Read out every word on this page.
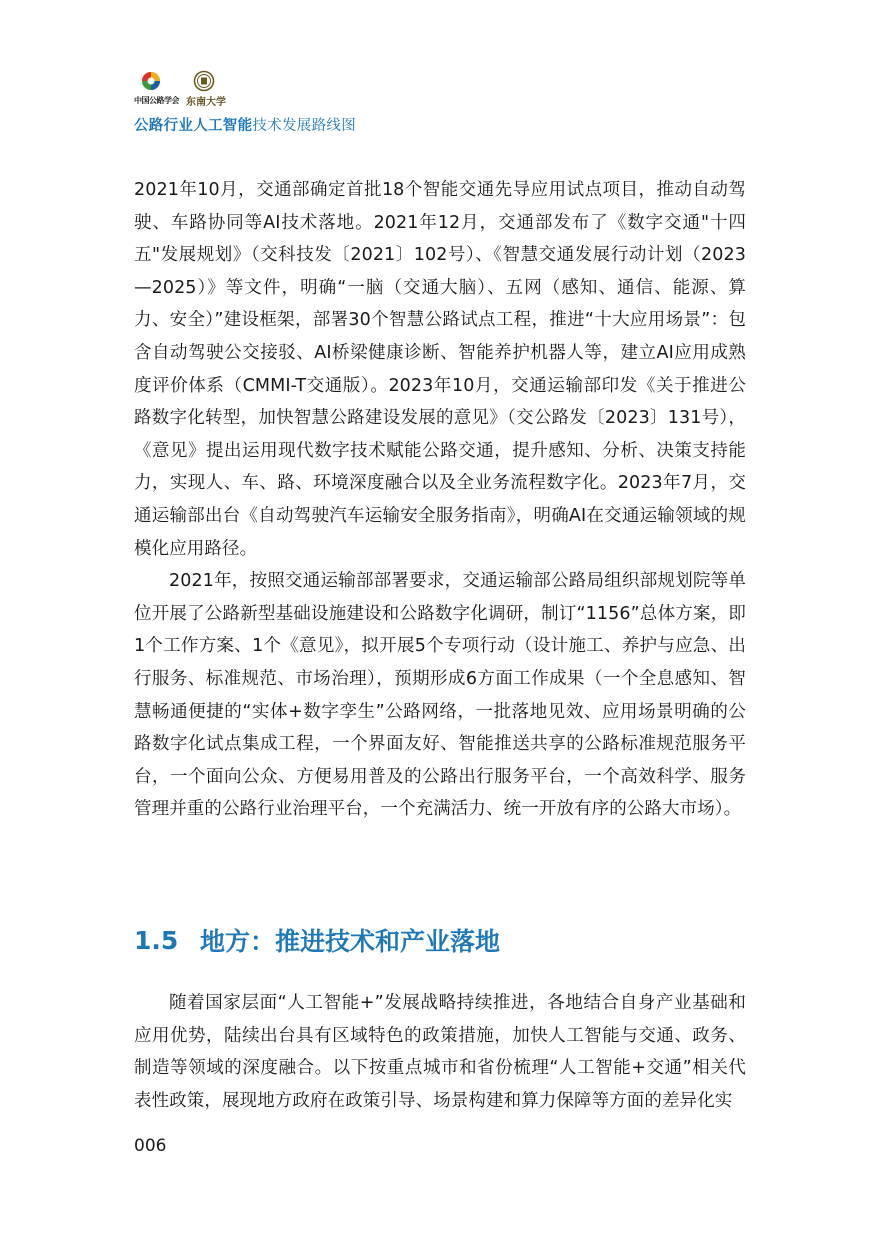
中国公路学会 东南大学
公路行业人工智能技术发展路线图

2021年10月，交通部确定首批18个智能交通先导应用试点项目，推动自动驾驶、车路协同等AI技术落地。2021年12月，交通部发布了《数字交通"十四五"发展规划》（交科技发〔2021〕102号）、《智慧交通发展行动计划（2023—2025）》等文件，明确“一脑（交通大脑）、五网（感知、通信、能源、算力、安全）”建设框架，部署30个智慧公路试点工程，推进“十大应用场景”：包含自动驾驶公交接驳、AI桥梁健康诊断、智能养护机器人等，建立AI应用成熟度评价体系（CMMI-T交通版）。2023年10月，交通运输部印发《关于推进公路数字化转型，加快智慧公路建设发展的意见》（交公路发〔2023〕131号），《意见》提出运用现代数字技术赋能公路交通，提升感知、分析、决策支持能力，实现人、车、路、环境深度融合以及全业务流程数字化。2023年7月，交通运输部出台《自动驾驶汽车运输安全服务指南》，明确AI在交通运输领域的规模化应用路径。

2021年，按照交通运输部部署要求，交通运输部公路局组织部规划院等单位开展了公路新型基础设施建设和公路数字化调研，制订“1156”总体方案，即1个工作方案、1个《意见》，拟开展5个专项行动（设计施工、养护与应急、出行服务、标准规范、市场治理），预期形成6方面工作成果（一个全息感知、智慧畅通便捷的“实体+数字孪生”公路网络，一批落地见效、应用场景明确的公路数字化试点集成工程，一个界面友好、智能推送共享的公路标准规范服务平台，一个面向公众、方便易用普及的公路出行服务平台，一个高效科学、服务管理并重的公路行业治理平台，一个充满活力、统一开放有序的公路大市场）。

1.5 地方：推进技术和产业落地

随着国家层面“人工智能+”发展战略持续推进，各地结合自身产业基础和应用优势，陆续出台具有区域特色的政策措施，加快人工智能与交通、政务、制造等领域的深度融合。以下按重点城市和省份梳理“人工智能+交通”相关代表性政策，展现地方政府在政策引导、场景构建和算力保障等方面的差异化实

006
